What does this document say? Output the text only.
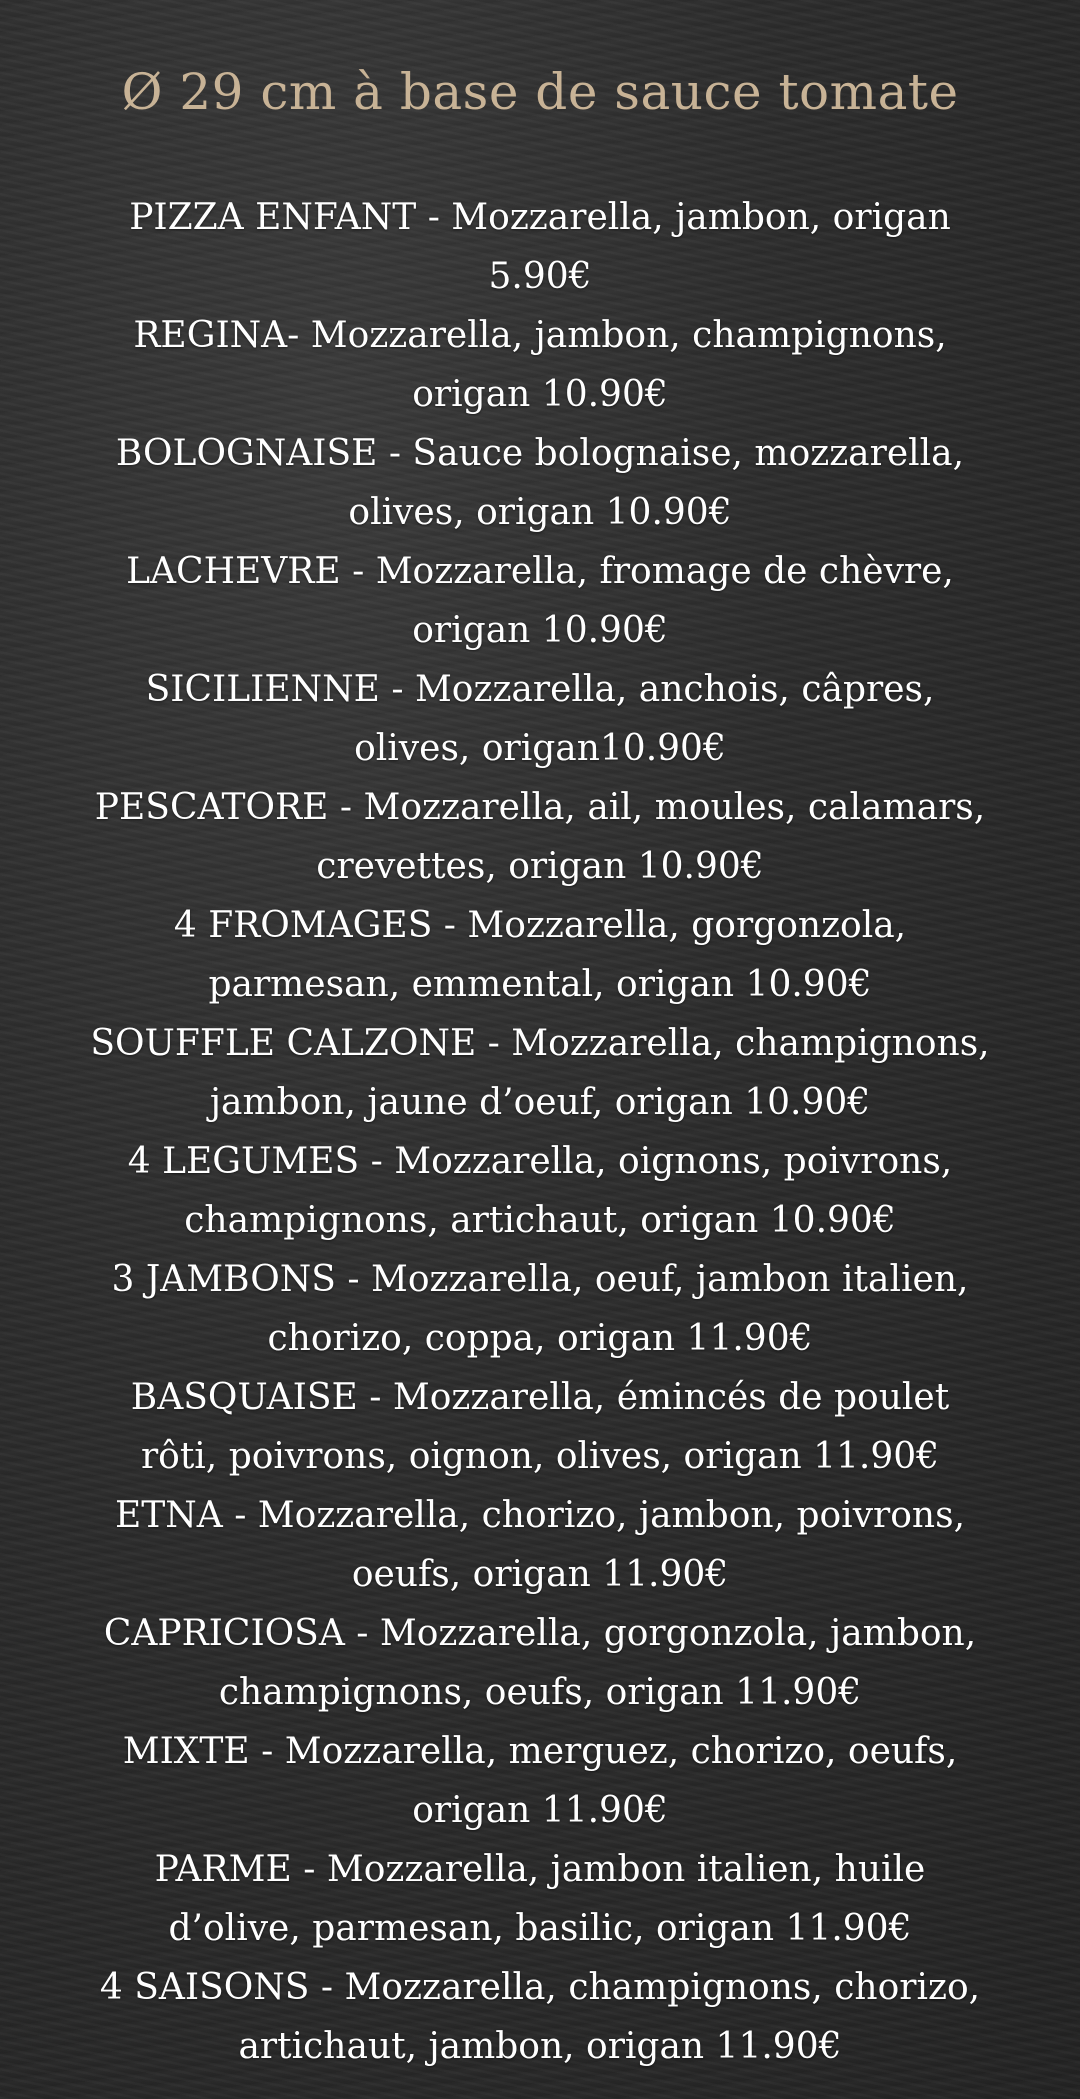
Ø 29 cm à base de sauce tomate
PIZZA ENFANT - Mozzarella, jambon, origan 5.90€
REGINA- Mozzarella, jambon, champignons, origan 10.90€
BOLOGNAISE - Sauce bolognaise, mozzarella, olives, origan 10.90€
LACHEVRE - Mozzarella, fromage de chèvre, origan 10.90€
SICILIENNE - Mozzarella, anchois, câpres, olives, origan10.90€
PESCATORE - Mozzarella, ail, moules, calamars, crevettes, origan 10.90€
4 FROMAGES - Mozzarella, gorgonzola, parmesan, emmental, origan 10.90€
SOUFFLE CALZONE - Mozzarella, champignons, jambon, jaune d’oeuf, origan 10.90€
4 LEGUMES - Mozzarella, oignons, poivrons, champignons, artichaut, origan 10.90€
3 JAMBONS - Mozzarella, oeuf, jambon italien, chorizo, coppa, origan 11.90€
BASQUAISE - Mozzarella, émincés de poulet rôti, poivrons, oignon, olives, origan 11.90€
ETNA - Mozzarella, chorizo, jambon, poivrons, oeufs, origan 11.90€
CAPRICIOSA - Mozzarella, gorgonzola, jambon, champignons, oeufs, origan 11.90€
MIXTE - Mozzarella, merguez, chorizo, oeufs, origan 11.90€
PARME - Mozzarella, jambon italien, huile d’olive, parmesan, basilic, origan 11.90€
4 SAISONS - Mozzarella, champignons, chorizo, artichaut, jambon, origan 11.90€
